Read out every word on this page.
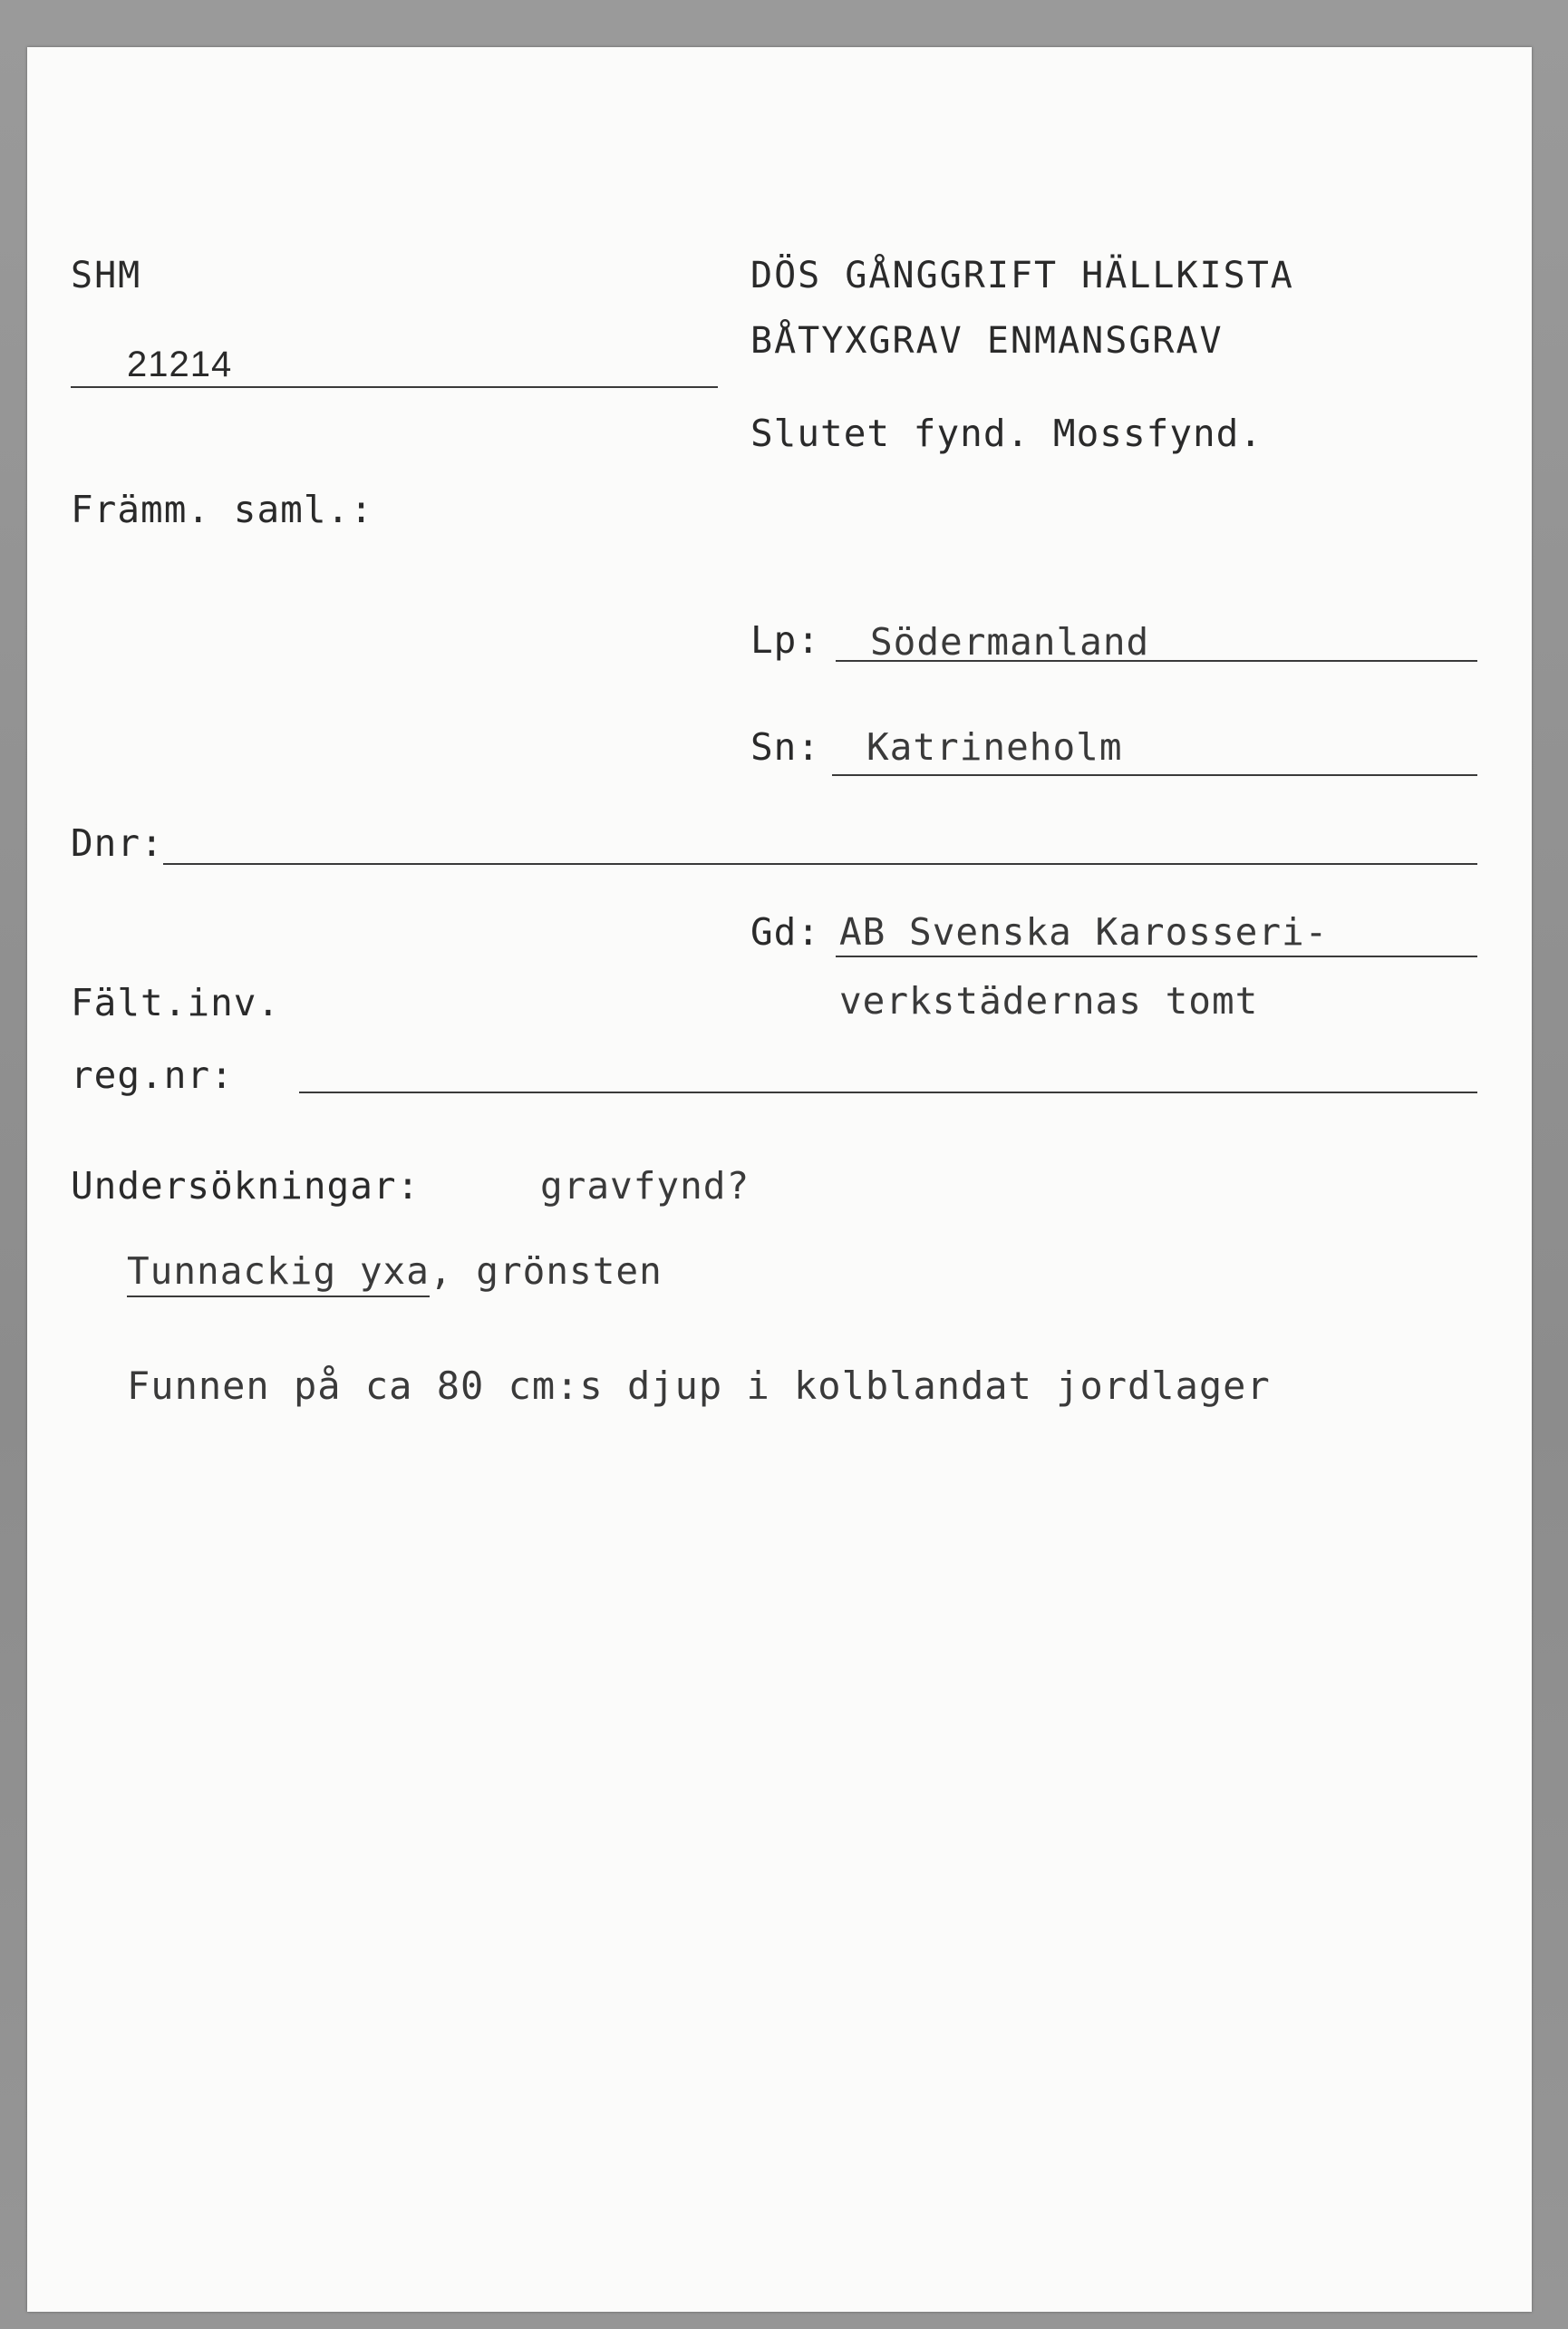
SHM
21214
DÖS GÅNGGRIFT HÄLLKISTA
BÅTYXGRAV ENMANSGRAV
Slutet fynd. Mossfynd.
Främm. saml.:
Lp: Södermanland
Sn: Katrineholm
Dnr:
Gd: AB Svenska Karosseri-
verkstädernas tomt
Fält.inv.
reg.nr:
Undersökningar:	gravfynd?
Tunnackig yxa, grönsten
Funnen på ca 80 cm:s djup i kolblandat jordlager
